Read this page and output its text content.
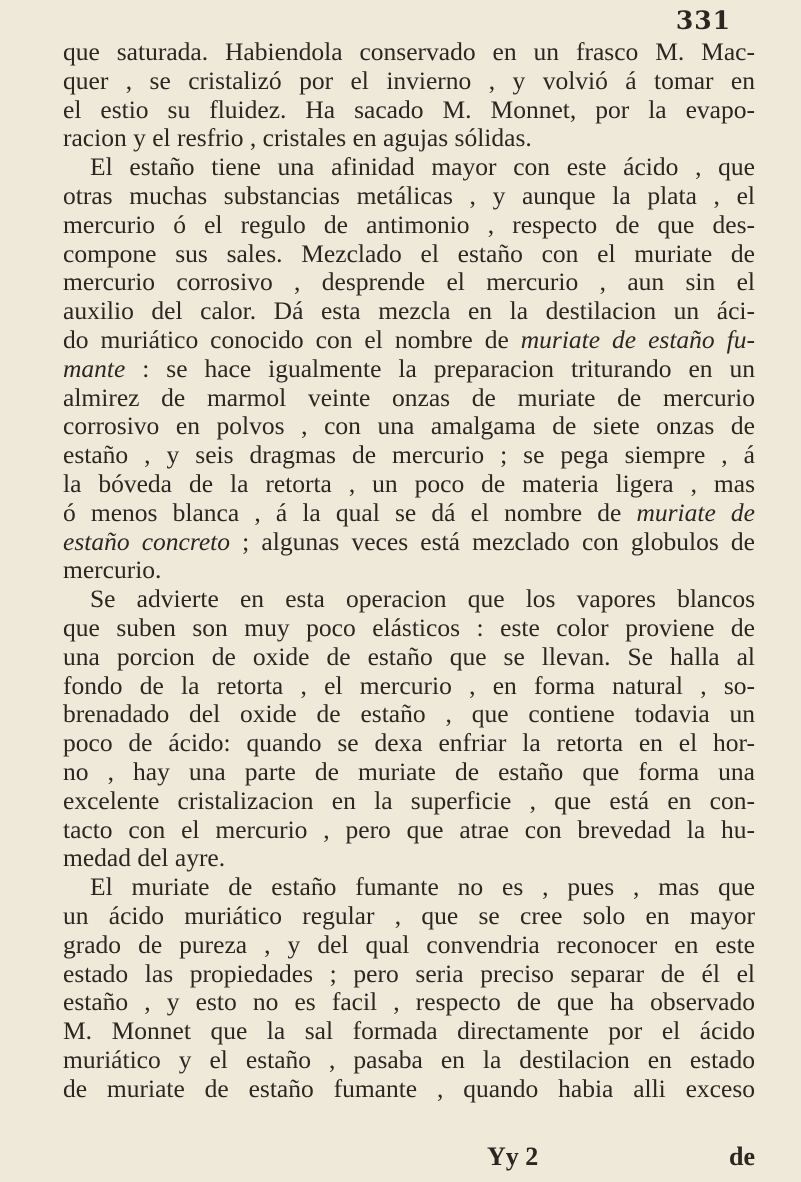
331
que saturada. Habiendola conservado en un frasco M. Mac-
quer , se cristalizó por el invierno , y volvió á tomar en
el estio su fluidez. Ha sacado M. Monnet, por la evapo-
racion y el resfrio , cristales en agujas sólidas.
El estaño tiene una afinidad mayor con este ácido , que
otras muchas substancias metálicas , y aunque la plata , el
mercurio ó el regulo de antimonio , respecto de que des-
compone sus sales. Mezclado el estaño con el muriate de
mercurio corrosivo , desprende el mercurio , aun sin el
auxilio del calor. Dá esta mezcla en la destilacion un áci-
do muriático conocido con el nombre de muriate de estaño fu-
mante : se hace igualmente la preparacion triturando en un
almirez de marmol veinte onzas de muriate de mercurio
corrosivo en polvos , con una amalgama de siete onzas de
estaño , y seis dragmas de mercurio ; se pega siempre , á
la bóveda de la retorta , un poco de materia ligera , mas
ó menos blanca , á la qual se dá el nombre de muriate de
estaño concreto ; algunas veces está mezclado con globulos de
mercurio.
Se advierte en esta operacion que los vapores blancos
que suben son muy poco elásticos : este color proviene de
una porcion de oxide de estaño que se llevan. Se halla al
fondo de la retorta , el mercurio , en forma natural , so-
brenadado del oxide de estaño , que contiene todavia un
poco de ácido: quando se dexa enfriar la retorta en el hor-
no , hay una parte de muriate de estaño que forma una
excelente cristalizacion en la superficie , que está en con-
tacto con el mercurio , pero que atrae con brevedad la hu-
medad del ayre.
El muriate de estaño fumante no es , pues , mas que
un ácido muriático regular , que se cree solo en mayor
grado de pureza , y del qual convendria reconocer en este
estado las propiedades ; pero seria preciso separar de él el
estaño , y esto no es facil , respecto de que ha observado
M. Monnet que la sal formada directamente por el ácido
muriático y el estaño , pasaba en la destilacion en estado
de muriate de estaño fumante , quando habia alli exceso
Yy 2	de
